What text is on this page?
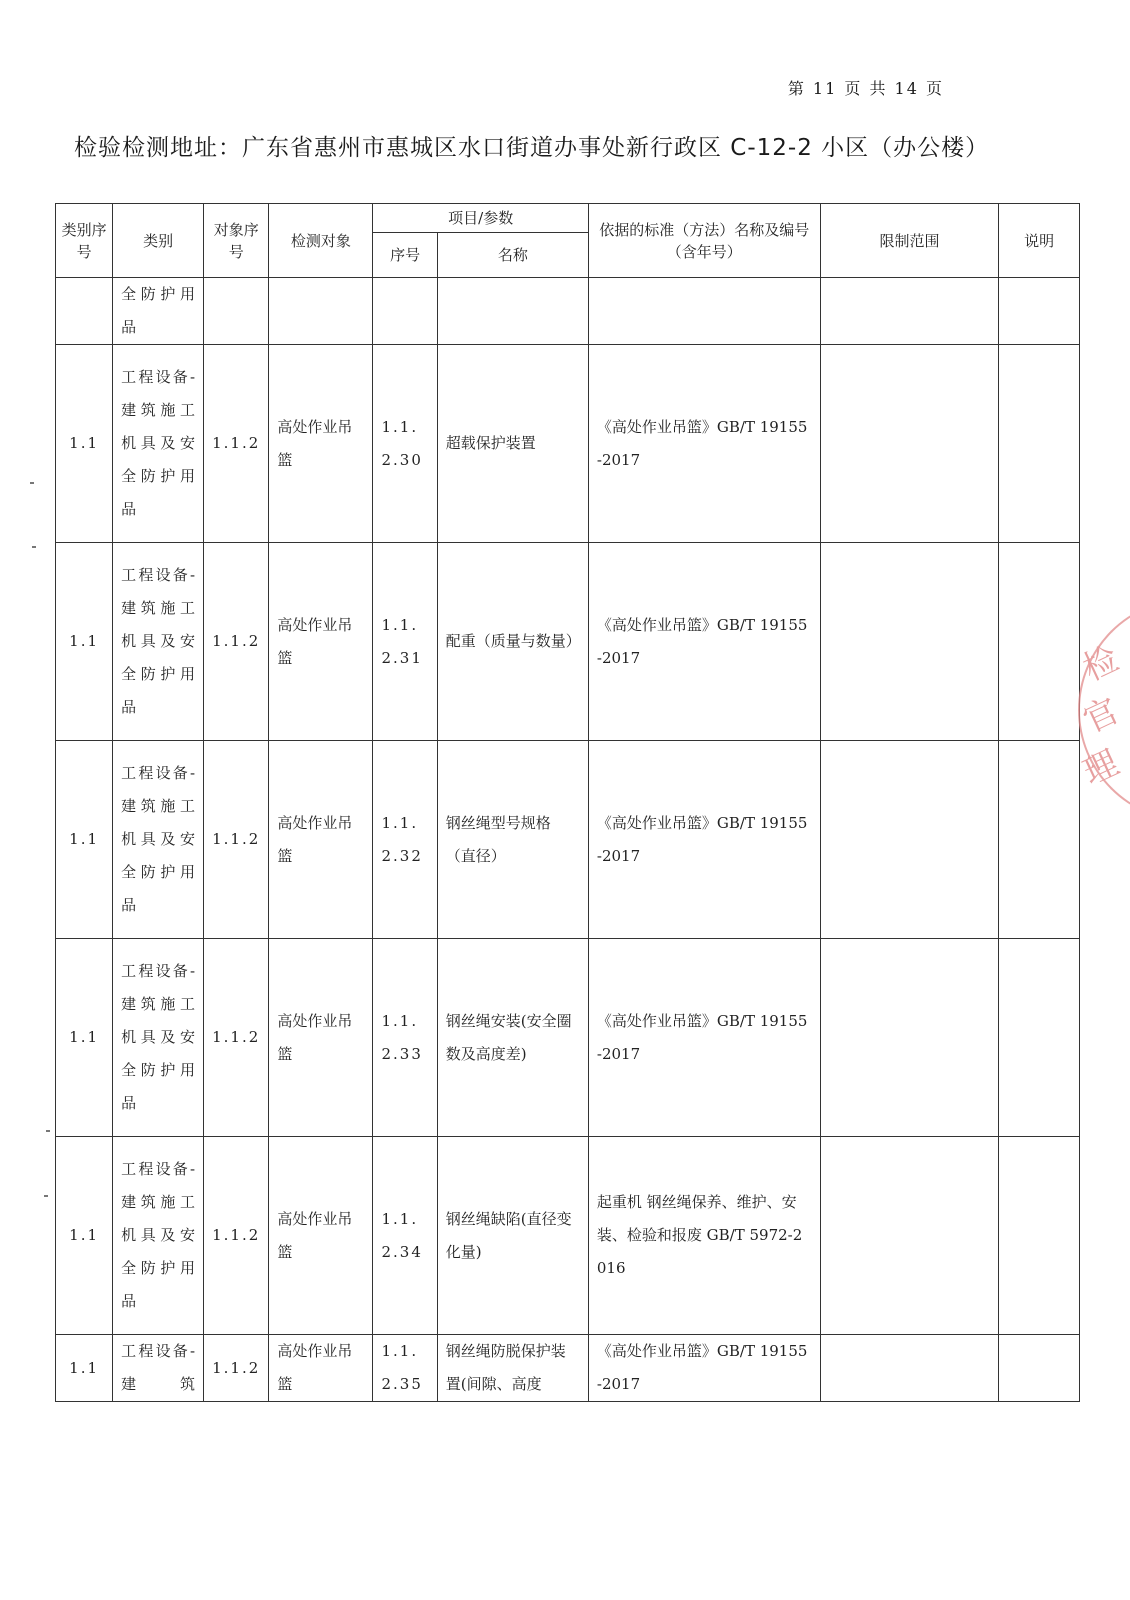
第 11 页 共 14 页
检验检测地址：广东省惠州市惠城区水口街道办事处新行政区 C-12-2 小区（办公楼）
类别序号	类别	对象序号	检测对象	项目/参数		依据的标准（方法）名称及编号（含年号）	限制范围	说明
				序号	名称			
	全防护用品							
1.1	工程设备-建筑施工机具及安全防护用品	1.1.2	高处作业吊篮	1.1.2.30	超载保护装置	《高处作业吊篮》GB/T 19155-2017		
1.1	工程设备-建筑施工机具及安全防护用品	1.1.2	高处作业吊篮	1.1.2.31	配重（质量与数量）	《高处作业吊篮》GB/T 19155-2017		
1.1	工程设备-建筑施工机具及安全防护用品	1.1.2	高处作业吊篮	1.1.2.32	钢丝绳型号规格（直径）	《高处作业吊篮》GB/T 19155-2017		
1.1	工程设备-建筑施工机具及安全防护用品	1.1.2	高处作业吊篮	1.1.2.33	钢丝绳安装(安全圈数及高度差)	《高处作业吊篮》GB/T 19155-2017		
1.1	工程设备-建筑施工机具及安全防护用品	1.1.2	高处作业吊篮	1.1.2.34	钢丝绳缺陷(直径变化量)	起重机 钢丝绳保养、维护、安装、检验和报废 GB/T 5972-2016		
1.1	工程设备-建筑	1.1.2	高处作业吊篮	1.1.2.35	钢丝绳防脱保护装置(间隙、高度	《高处作业吊篮》GB/T 19155-2017		
检
官
理
